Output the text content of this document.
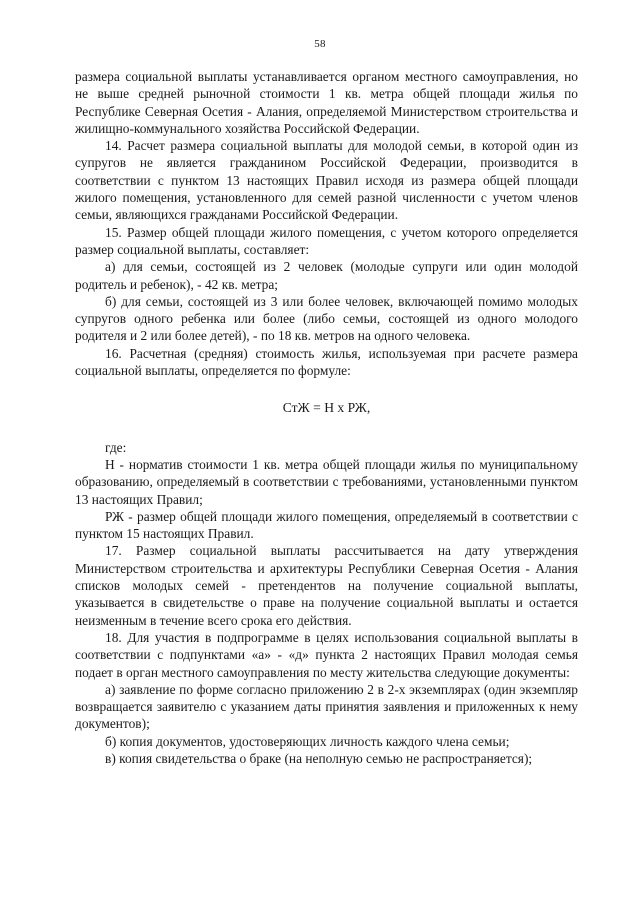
58

размера социальной выплаты устанавливается органом местного самоуправления, но не выше средней рыночной стоимости 1 кв. метра общей площади жилья по Республике Северная Осетия - Алания, определяемой Министерством строительства и жилищно-коммунального хозяйства Российской Федерации.

14. Расчет размера социальной выплаты для молодой семьи, в которой один из супругов не является гражданином Российской Федерации, производится в соответствии с пунктом 13 настоящих Правил исходя из размера общей площади жилого помещения, установленного для семей разной численности с учетом членов семьи, являющихся гражданами Российской Федерации.

15. Размер общей площади жилого помещения, с учетом которого определяется размер социальной выплаты, составляет:

а) для семьи, состоящей из 2 человек (молодые супруги или один молодой родитель и ребенок), - 42 кв. метра;

б) для семьи, состоящей из 3 или более человек, включающей помимо молодых супругов одного ребенка или более (либо семьи, состоящей из одного молодого родителя и 2 или более детей), - по 18 кв. метров на одного человека.

16. Расчетная (средняя) стоимость жилья, используемая при расчете размера социальной выплаты, определяется по формуле:

СтЖ = Н х РЖ,

где:

Н - норматив стоимости 1 кв. метра общей площади жилья по муниципальному образованию, определяемый в соответствии с требованиями, установленными пунктом 13 настоящих Правил;

РЖ - размер общей площади жилого помещения, определяемый в соответствии с пунктом 15 настоящих Правил.

17. Размер социальной выплаты рассчитывается на дату утверждения Министерством строительства и архитектуры Республики Северная Осетия - Алания списков молодых семей - претендентов на получение социальной выплаты, указывается в свидетельстве о праве на получение социальной выплаты и остается неизменным в течение всего срока его действия.

18. Для участия в подпрограмме в целях использования социальной выплаты в соответствии с подпунктами «а» - «д» пункта 2 настоящих Правил молодая семья подает в орган местного самоуправления по месту жительства следующие документы:

а) заявление по форме согласно приложению 2 в 2-х экземплярах (один экземпляр возвращается заявителю с указанием даты принятия заявления и приложенных к нему документов);

б) копия документов, удостоверяющих личность каждого члена семьи;

в) копия свидетельства о браке (на неполную семью не распространяется);
